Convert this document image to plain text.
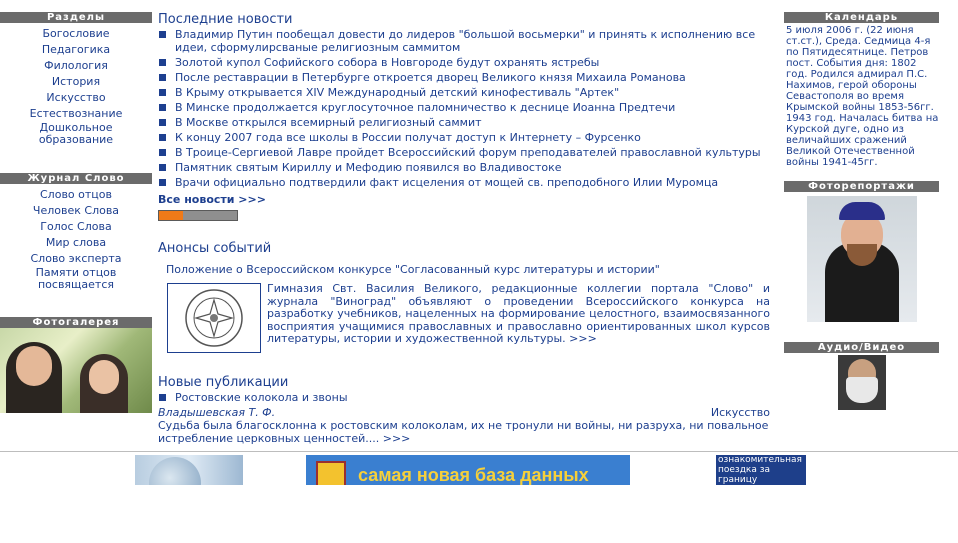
Разделы
Богословие
Педагогика
Филология
История
Искусство
Естествознание
Дошкольное образование
Журнал Слово
Слово отцов
Человек Слова
Голос Слова
Мир слова
Слово эксперта
Памяти отцов посвящается
Фотогалерея
Последние новости
Владимир Путин пообещал довести до лидеров "большой восьмерки" и принять к исполнению все идеи, сформулирсваные религиозным саммитом
Золотой купол Софийского собора в Новгороде будут охранять ястребы
После реставрации в Петербурге откроется дворец Великого князя Михаила Романова
В Крыму открывается XIV Международный детский кинофестиваль "Артек"
В Минске продолжается круглосуточное паломничество к деснице Иоанна Предтечи
В Москве открылся всемирный религиозный саммит
К концу 2007 года все школы в России получат доступ к Интернету – Фурсенко
В Троице-Сергиевой Лавре пройдет Всероссийский форум преподавателей православной культуры
Памятник святым Кириллу и Мефодию появился во Владивостоке
Врачи официально подтвердили факт исцеления от мощей св. преподобного Илии Муромца
Все новости >>>
Анонсы событий
Положение о Всероссийском конкурсе "Согласованный курс литературы и истории"
Гимназия Свт. Василия Великого, редакционные коллегии портала "Слово" и журнала "Виноград" объявляют о проведении Всероссийского конкурса на разработку учебников, нацеленных на формирование целостного, взаимосвязанного восприятия учащимися православных и православно ориентированных школ курсов литературы, истории и художественной культуры. >>>
Новые публикации
Ростовские колокола и звоны
Владышевская Т. Ф.	Искусство
Судьба была благосклонна к ростовским колоколам, их не тронули ни войны, ни разруха, ни повальное истребление церковных ценностей.... >>>
Календарь
5 июля 2006 г. (22 июня ст.ст.), Среда. Седмица 4-я по Пятидесятнице. Петров пост. События дня: 1802 год. Родился адмирал П.С. Нахимов, герой обороны Севастополя во время Крымской войны 1853-56гг. 1943 год. Началась битва на Курской дуге, одно из величайших сражений Великой Отечественной войны 1941-45гг.
Фоторепортажи
Аудио/Видео
самая новая база данных
ознакомительная поездка за границу
